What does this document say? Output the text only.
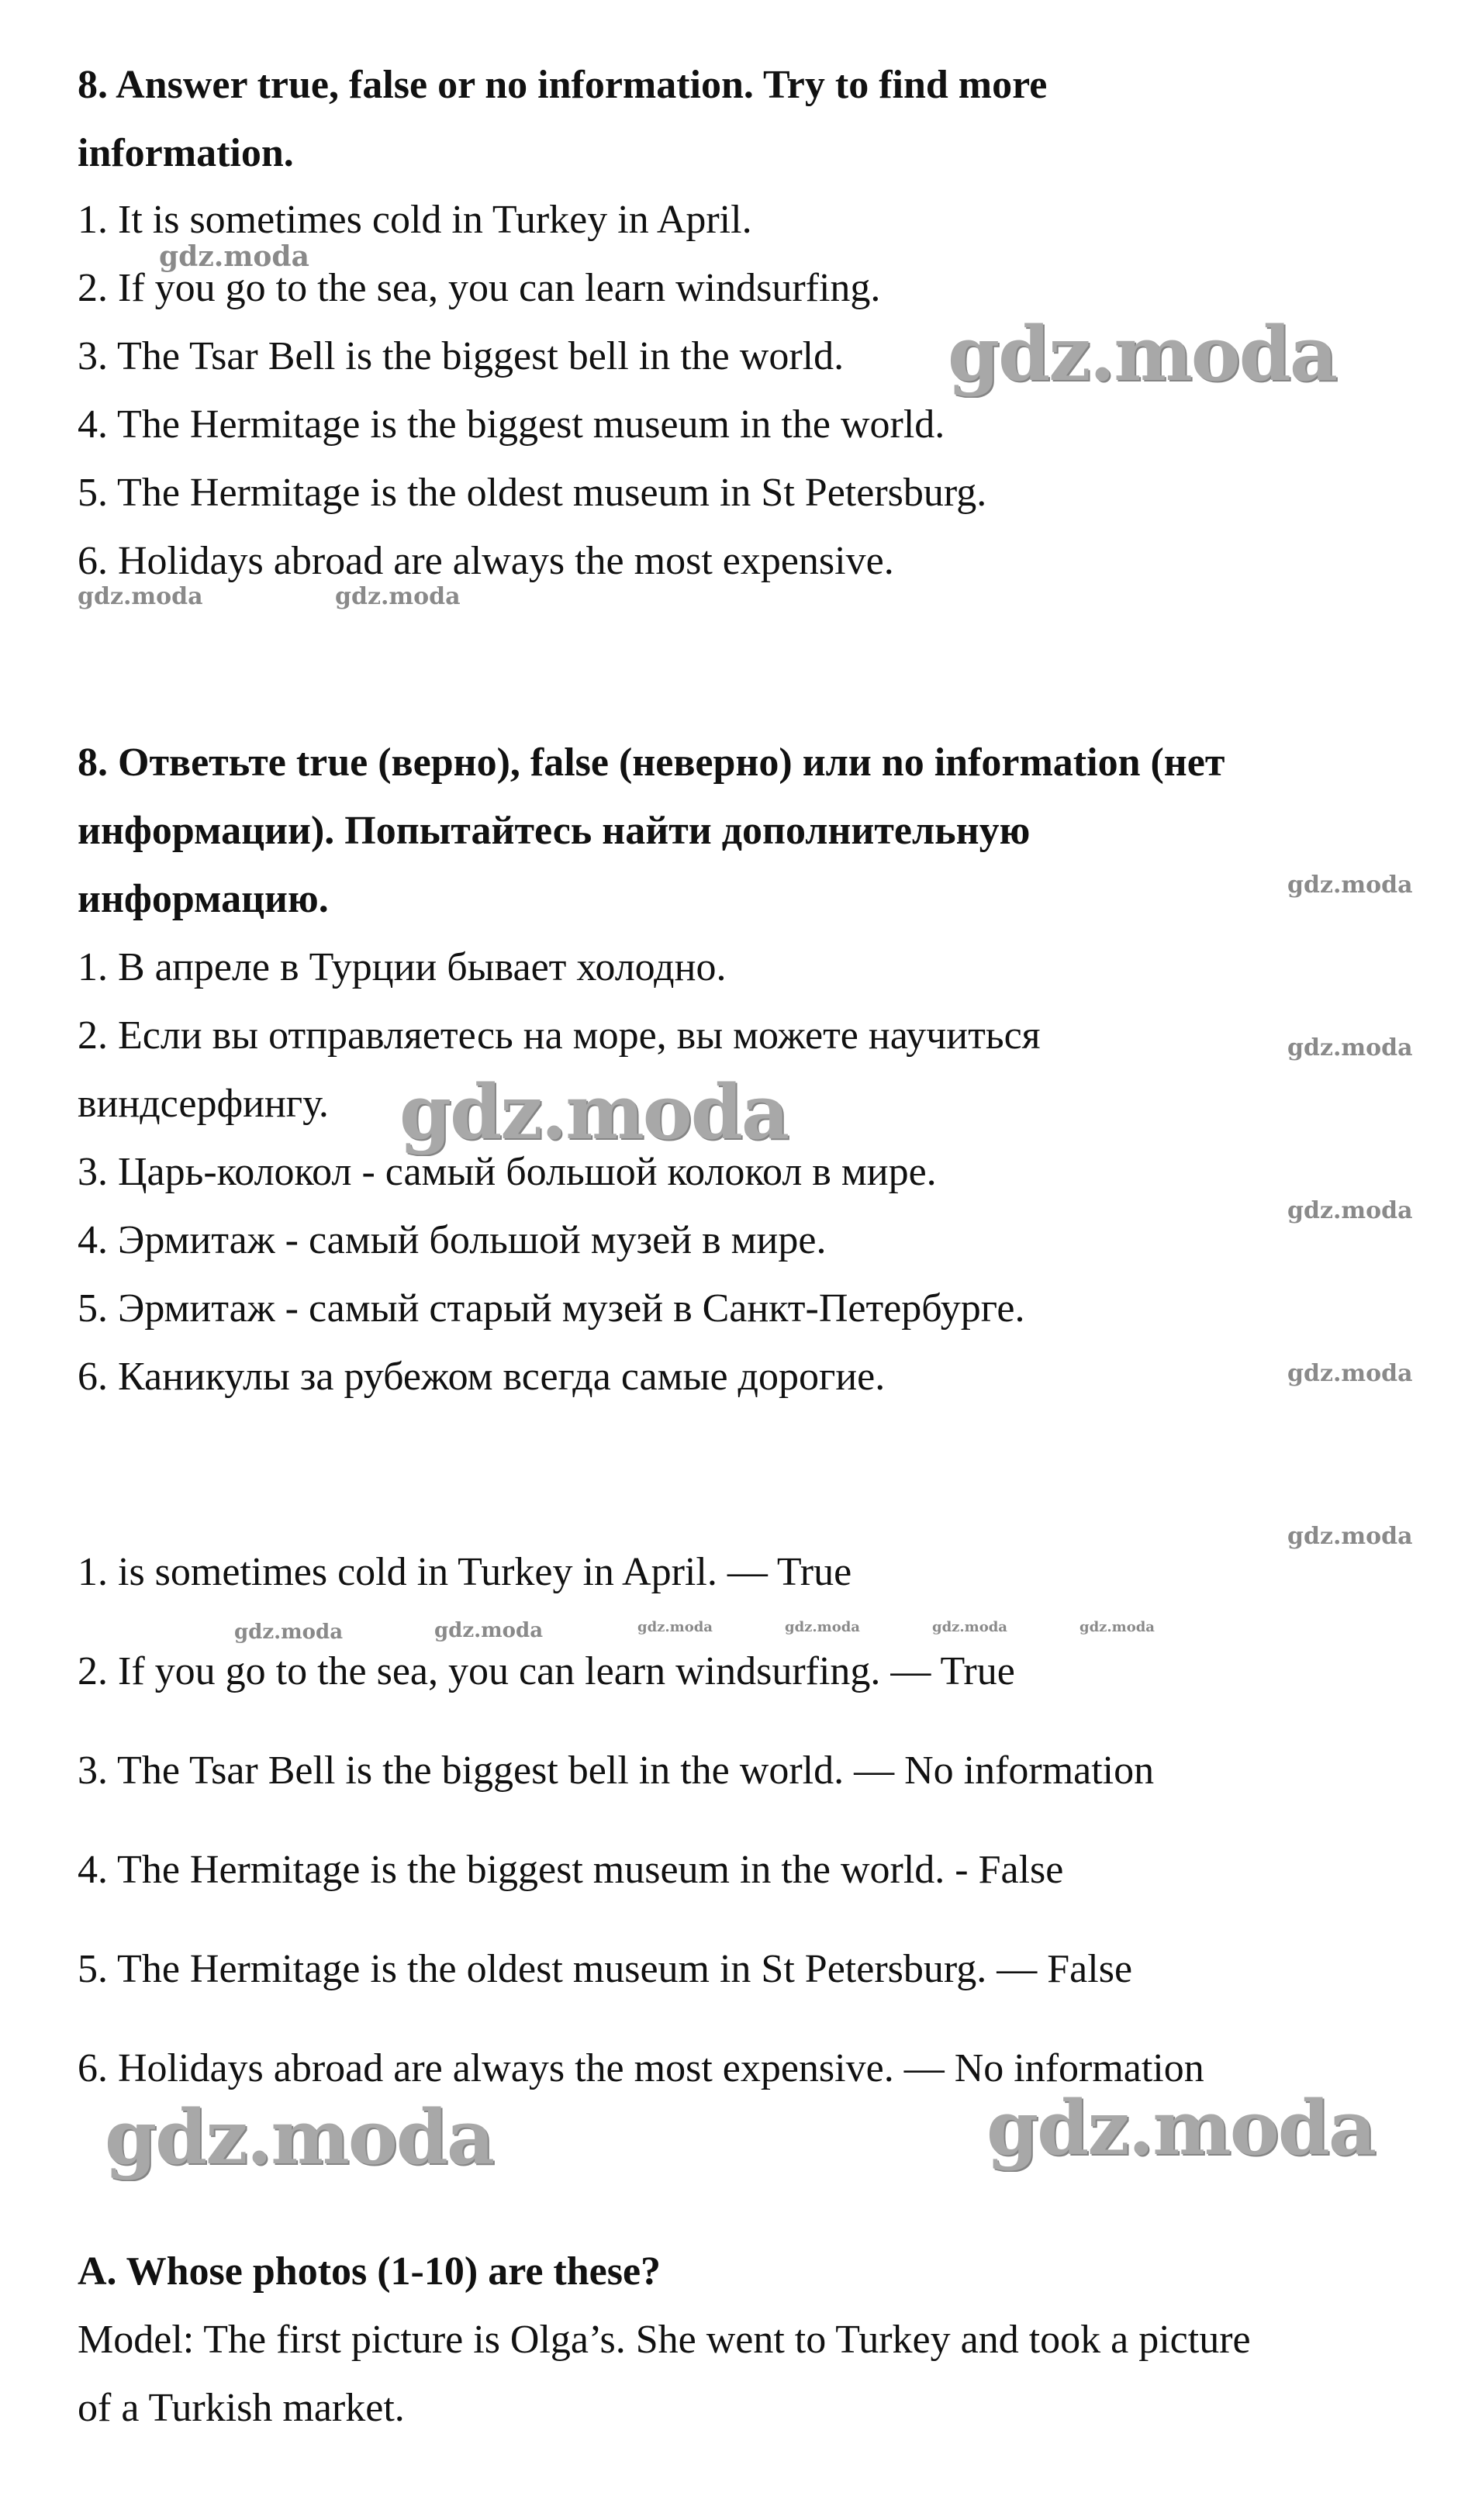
8. Answer true, false or no information. Try to find more
information.
1. It is sometimes cold in Turkey in April.
2. If you go to the sea, you can learn windsurfing.
3. The Tsar Bell is the biggest bell in the world.
4. The Hermitage is the biggest museum in the world.
5. The Hermitage is the oldest museum in St Petersburg.
6. Holidays abroad are always the most expensive.
8. Ответьте true (верно), false (неверно) или no information (нет
информации). Попытайтесь найти дополнительную
информацию.
1. В апреле в Турции бывает холодно.
2. Если вы отправляетесь на море, вы можете научиться
виндсерфингу.
3. Царь-колокол - самый большой колокол в мире.
4. Эрмитаж - самый большой музей в мире.
5. Эрмитаж - самый старый музей в Санкт-Петербурге.
6. Каникулы за рубежом всегда самые дорогие.
1. is sometimes cold in Turkey in April. — True
2. If you go to the sea, you can learn windsurfing. — True
3. The Tsar Bell is the biggest bell in the world. — No information
4. The Hermitage is the biggest museum in the world. - False
5. The Hermitage is the oldest museum in St Petersburg. — False
6. Holidays abroad are always the most expensive. — No information
A. Whose photos (1-10) are these?
Model: The first picture is Olga’s. She went to Turkey and took a picture
of a Turkish market.
gdz.moda
gdz.moda	gdz.moda
gdz.moda
gdz.moda
gdz.moda
gdz.moda
gdz.moda
gdz.moda	gdz.moda	gdz.moda	gdz.moda	gdz.moda	gdz.moda
gdz.moda
gdz.moda
gdz.moda	gdz.moda
